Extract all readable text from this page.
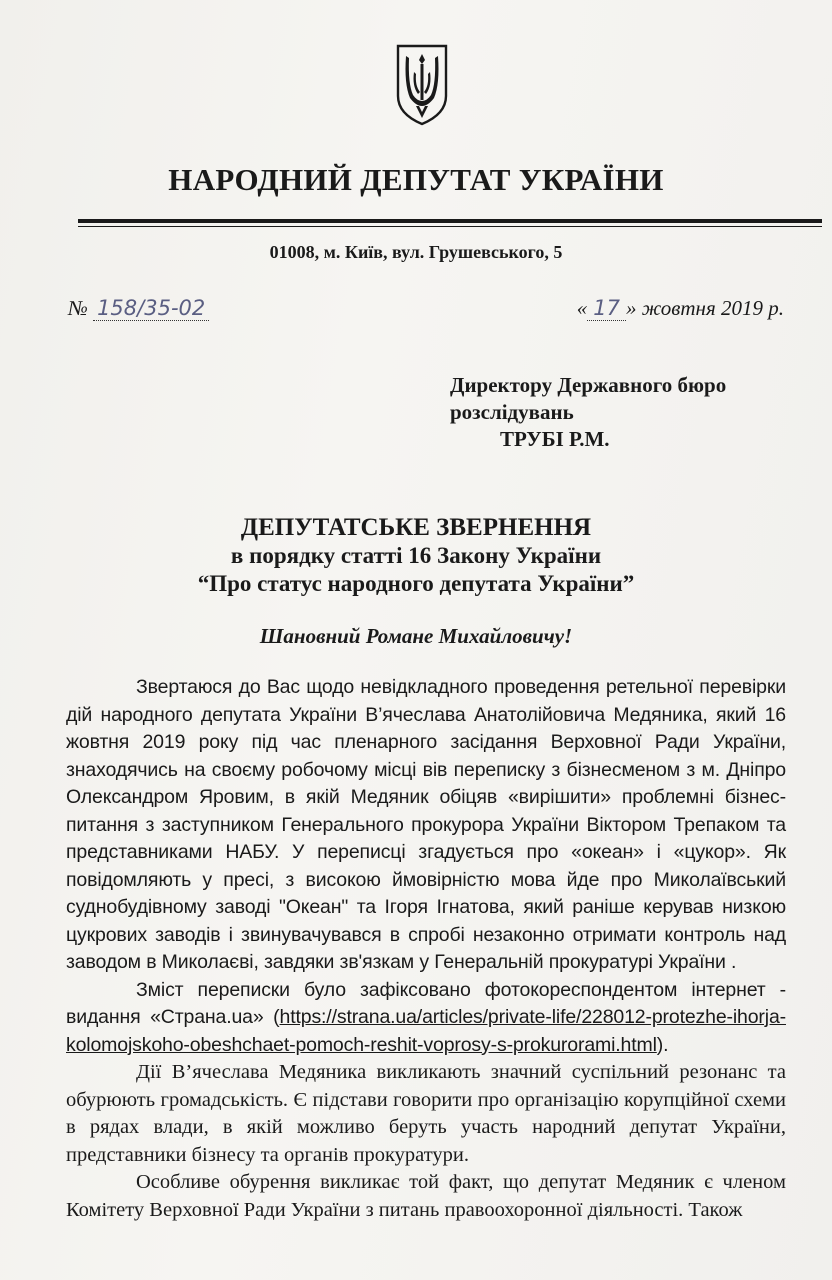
НАРОДНИЙ ДЕПУТАТ УКРАЇНИ
01008, м. Київ, вул. Грушевського, 5
№ 158/35-02	« 17 » жовтня 2019 р.
Директору Державного бюро
розслідувань
ТРУБІ Р.М.
ДЕПУТАТСЬКЕ ЗВЕРНЕННЯ
в порядку статті 16 Закону України
“Про статус народного депутата України”
Шановний Романе Михайловичу!

Звертаюся до Вас щодо невідкладного проведення ретельної перевірки дій народного депутата України В’ячеслава Анатолійовича Медяника, який 16 жовтня 2019 року під час пленарного засідання Верховної Ради України, знаходячись на своєму робочому місці вів переписку з бізнесменом з м. Дніпро Олександром Яровим, в якій Медяник обіцяв «вирішити» проблемні бізнес-питання з заступником Генерального прокурора України Віктором Трепаком та представниками НАБУ. У переписці згадується про «океан» і «цукор». Як повідомляють у пресі, з високою ймовірністю мова йде про Миколаївський суднобудівному заводі "Океан" та Ігоря Ігнатова, який раніше керував низкою цукрових заводів і звинувачувався в спробі незаконно отримати контроль над заводом в Миколаєві, завдяки зв'язкам у Генеральній прокуратурі України .

Зміст переписки було зафіксовано фотокореспондентом інтернет - видання «Страна.ua» (https://strana.ua/articles/private-life/228012-protezhe-ihorja-kolomojskoho-obeshchaet-pomoch-reshit-voprosy-s-prokurorami.html).

Дії В’ячеслава Медяника викликають значний суспільний резонанс та обурюють громадськість. Є підстави говорити про організацію корупційної схеми в рядах влади, в якій можливо беруть участь народний депутат України, представники бізнесу та органів прокуратури.

Особливе обурення викликає той факт, що депутат Медяник є членом Комітету Верховної Ради України з питань правоохоронної діяльності. Також
